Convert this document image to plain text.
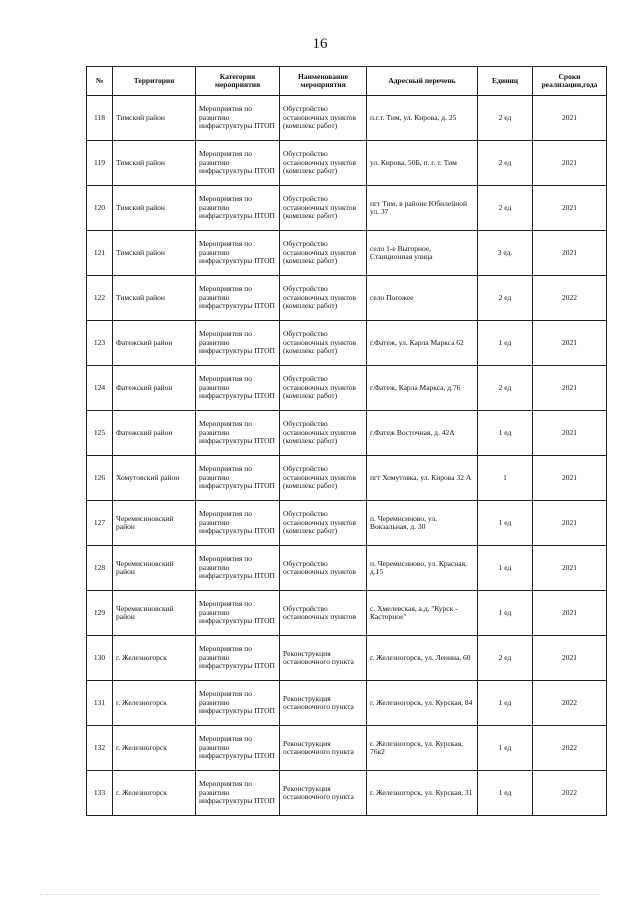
16
№	Территория	Категория мероприятия	Наименование мероприятия	Адресный перечень	Единиц	Сроки реализации,года
118	Тимский район	Мероприятия по развитию инфраструктуры ПТОП	Обустройство остановочных пунктов (комплекс работ)	п.г.т. Тим, ул. Кирова, д. 25	2 ед	2021
119	Тимский район	Мероприятия по развитию инфраструктуры ПТОП	Обустройство остановочных пунктов (комплекс работ)	ул. Кирова, 50Б, п. г. т. Тим	2 ед	2021
120	Тимский район	Мероприятия по развитию инфраструктуры ПТОП	Обустройство остановочных пунктов (комплекс работ)	пгт Тим, в районе Юбилейной ул. 37	2 ед	2021
121	Тимский район	Мероприятия по развитию инфраструктуры ПТОП	Обустройство остановочных пунктов (комплекс работ)	село 1-е Выгорное, Станционная улица	3 ед.	2021
122	Тимский район	Мероприятия по развитию инфраструктуры ПТОП	Обустройство остановочных пунктов (комплекс работ)	село Погожее	2 ед	2022
123	Фатежский район	Мероприятия по развитию инфраструктуры ПТОП	Обустройство остановочных пунктов (комплекс работ)	г.Фатеж, ул. Карла Маркса 62	1 ед	2021
124	Фатежский район	Мероприятия по развитию инфраструктуры ПТОП	Обустройство остановочных пунктов (комплекс работ)	г.Фатеж, Карла Маркса, д.76	2 ед	2021
125	Фатежский район	Мероприятия по развитию инфраструктуры ПТОП	Обустройство остановочных пунктов (комплекс работ)	г.Фатеж Восточная, д. 42А	1 ед	2021
126	Хомутовский район	Мероприятия по развитию инфраструктуры ПТОП	Обустройство остановочных пунктов (комплекс работ)	пгт Хомутовка, ул. Кирова 32 А	1	2021
127	Черемисиновский район	Мероприятия по развитию инфраструктуры ПТОП	Обустройство остановочных пунктов (комплекс работ)	п. Черемисиново, ул. Вокзальная, д. 30	1 ед	2021
128	Черемисиновский район	Мероприятия по развитию инфраструктуры ПТОП	Обустройство остановочных пунктов	п. Черемисиново, ул. Красная, д.15	1 ед	2021
129	Черемисиновский район	Мероприятия по развитию инфраструктуры ПТОП	Обустройство остановочных пунктов	с. Хмелевская, а.д. "Курск - Касторное"	1 ед	2021
130	г. Железногорск	Мероприятия по развитию инфраструктуры ПТОП	Реконструкция остановочного пункта	г. Железногорск, ул. Ленина, 60	2 ед	2021
131	г. Железногорск	Мероприятия по развитию инфраструктуры ПТОП	Реконструкция остановочного пункта	г. Железногорск, ул. Курская, 84	1 ед	2022
132	г. Железногорск	Мероприятия по развитию инфраструктуры ПТОП	Реконструкция остановочного пункта	г. Железногорск, ул. Курская, 76к2	1 ед	2022
133	г. Железногорск	Мероприятия по развитию инфраструктуры ПТОП	Реконструкция остановочного пункта	г. Железногорск, ул. Курская, 31	1 ед	2022
